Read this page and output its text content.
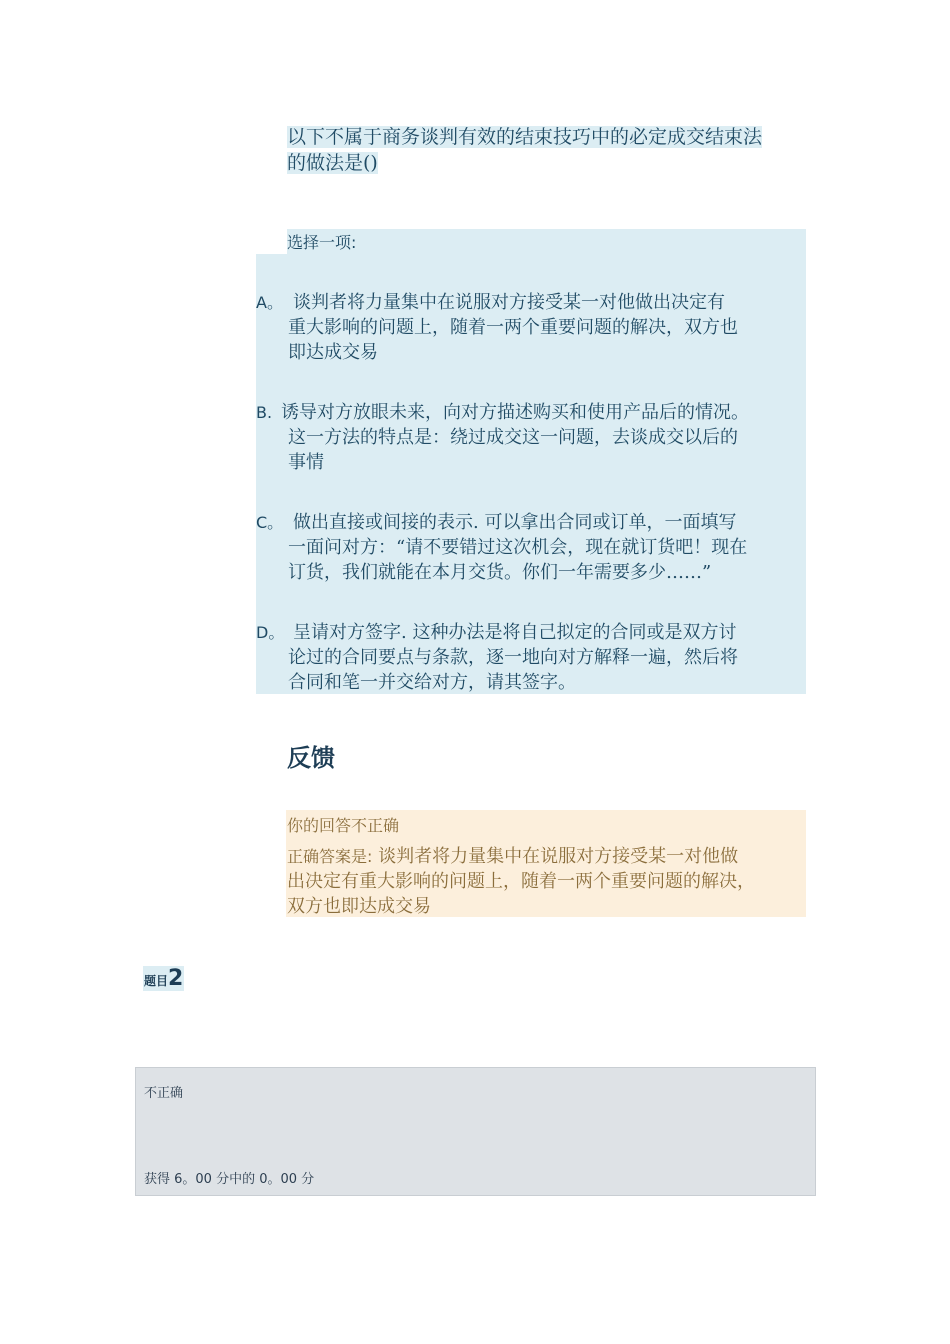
以下不属于商务谈判有效的结束技巧中的必定成交结束法
的做法是()
选择一项:
A。 谈判者将力量集中在说服对方接受某一对他做出决定有
重大影响的问题上，随着一两个重要问题的解决，双方也
即达成交易
B. 诱导对方放眼未来，向对方描述购买和使用产品后的情况。
这一方法的特点是：绕过成交这一问题，去谈成交以后的
事情
C。 做出直接或间接的表示. 可以拿出合同或订单，一面填写
一面问对方：“请不要错过这次机会，现在就订货吧！现在
订货，我们就能在本月交货。你们一年需要多少……”
D。 呈请对方签字. 这种办法是将自己拟定的合同或是双方讨
论过的合同要点与条款，逐一地向对方解释一遍，然后将
合同和笔一并交给对方，请其签字。
反馈
你的回答不正确
正确答案是: 谈判者将力量集中在说服对方接受某一对他做
出决定有重大影响的问题上，随着一两个重要问题的解决，
双方也即达成交易
题目2
不正确
获得 6。00 分中的 0。00 分
